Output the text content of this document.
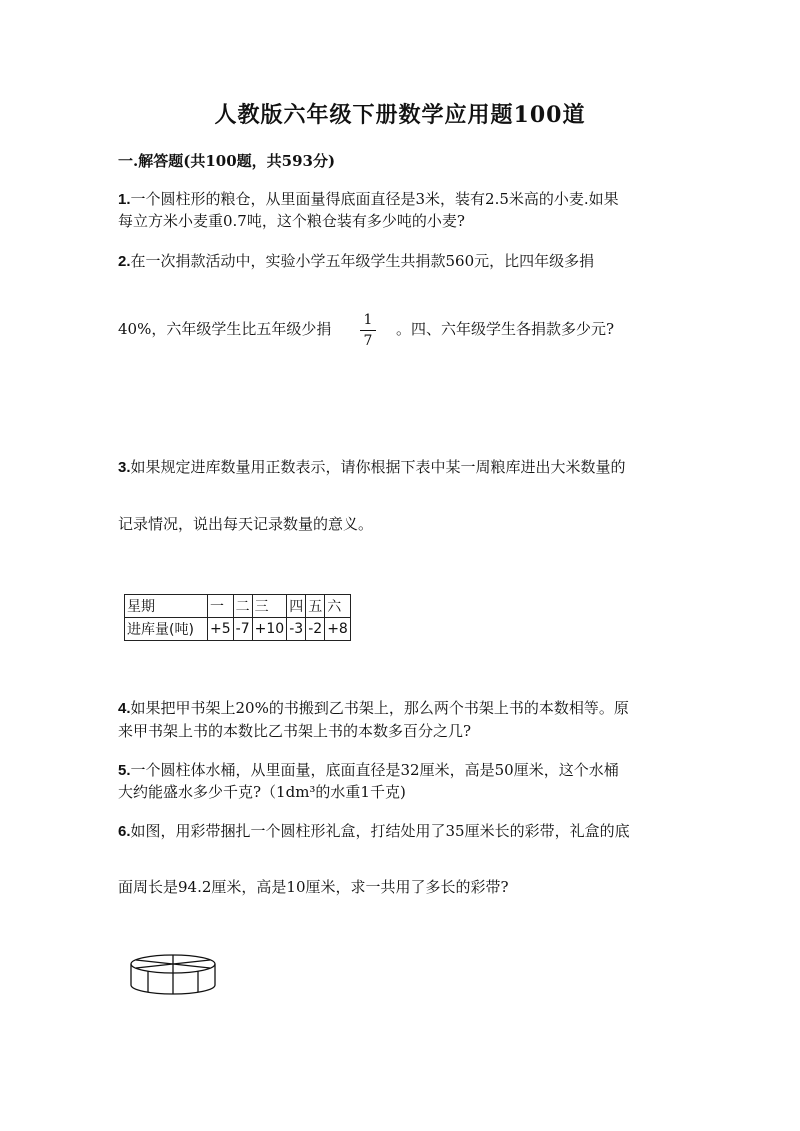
人教版六年级下册数学应用题100道
一.解答题(共100题，共593分)
1.一个圆柱形的粮仓，从里面量得底面直径是3米，装有2.5米高的小麦.如果
每立方米小麦重0.7吨，这个粮仓装有多少吨的小麦?
2.在一次捐款活动中，实验小学五年级学生共捐款560元，比四年级多捐
40%，六年级学生比五年级少捐 1
7
。四、六年级学生各捐款多少元?
3.如果规定进库数量用正数表示，请你根据下表中某一周粮库进出大米数量的
记录情况，说出每天记录数量的意义。
星期	一	二	三	四	五	六
进库量(吨)	+5	-7	+10	-3	-2	+8
4.如果把甲书架上20%的书搬到乙书架上，那么两个书架上书的本数相等。原
来甲书架上书的本数比乙书架上书的本数多百分之几?
5.一个圆柱体水桶，从里面量，底面直径是32厘米，高是50厘米，这个水桶
大约能盛水多少千克?（1dm³的水重1千克)
6.如图，用彩带捆扎一个圆柱形礼盒，打结处用了35厘米长的彩带，礼盒的底
面周长是94.2厘米，高是10厘米，求一共用了多长的彩带?
